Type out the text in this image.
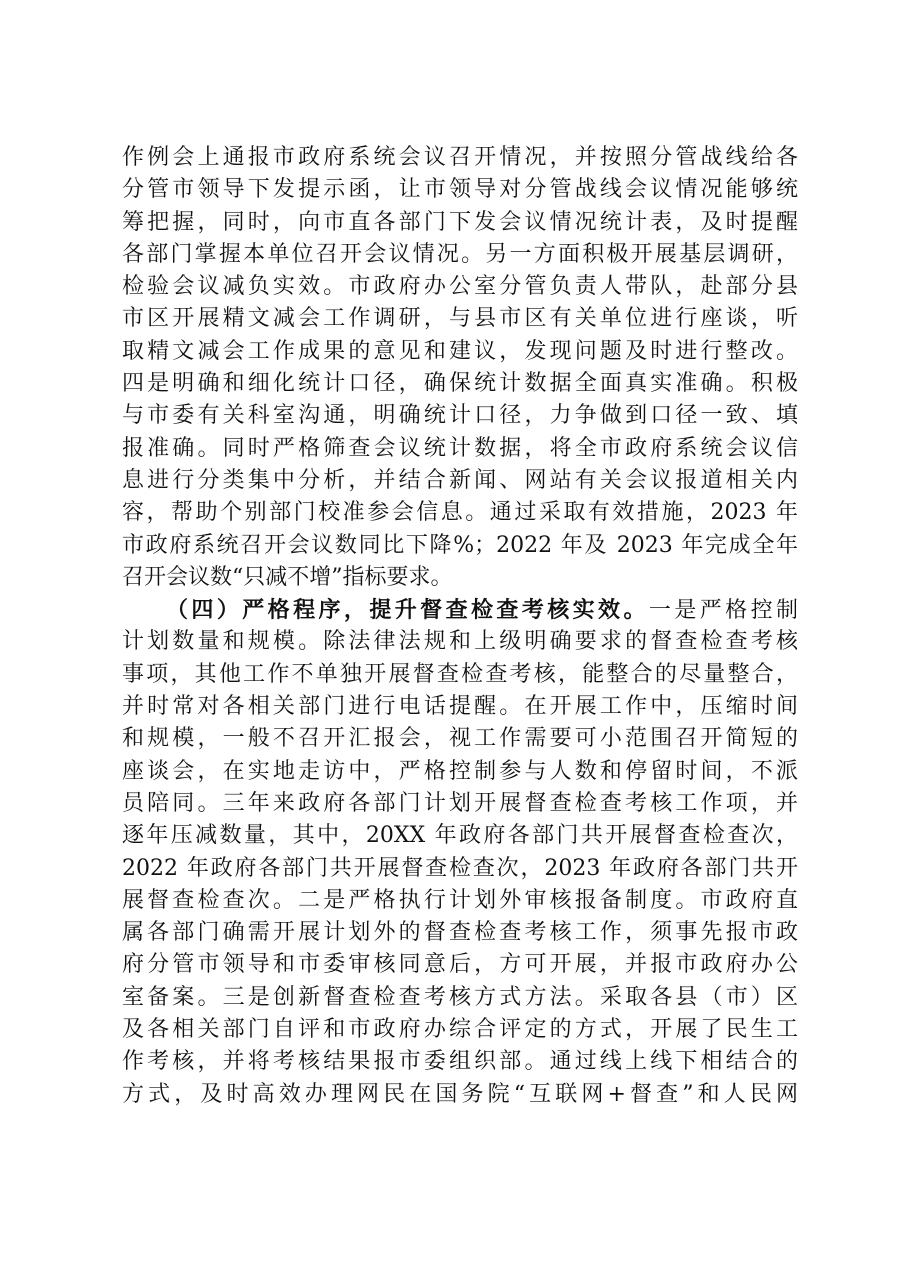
作例会上通报市政府系统会议召开情况，并按照分管战线给各
分管市领导下发提示函，让市领导对分管战线会议情况能够统
筹把握，同时，向市直各部门下发会议情况统计表，及时提醒
各部门掌握本单位召开会议情况。另一方面积极开展基层调研，
检验会议减负实效。市政府办公室分管负责人带队，赴部分县
市区开展精文减会工作调研，与县市区有关单位进行座谈，听
取精文减会工作成果的意见和建议，发现问题及时进行整改。
四是明确和细化统计口径，确保统计数据全面真实准确。积极
与市委有关科室沟通，明确统计口径，力争做到口径一致、填
报准确。同时严格筛查会议统计数据，将全市政府系统会议信
息进行分类集中分析，并结合新闻、网站有关会议报道相关内
容，帮助个别部门校准参会信息。通过采取有效措施，2023 年
市政府系统召开会议数同比下降%；2022 年及 2023 年完成全年
召开会议数“只减不增”指标要求。
（四）严格程序，提升督查检查考核实效。一是严格控制
计划数量和规模。除法律法规和上级明确要求的督查检查考核
事项，其他工作不单独开展督查检查考核，能整合的尽量整合，
并时常对各相关部门进行电话提醒。在开展工作中，压缩时间
和规模，一般不召开汇报会，视工作需要可小范围召开简短的
座谈会，在实地走访中，严格控制参与人数和停留时间，不派
员陪同。三年来政府各部门计划开展督查检查考核工作项，并
逐年压减数量，其中，20XX 年政府各部门共开展督查检查次，
2022 年政府各部门共开展督查检查次，2023 年政府各部门共开
展督查检查次。二是严格执行计划外审核报备制度。市政府直
属各部门确需开展计划外的督查检查考核工作，须事先报市政
府分管市领导和市委审核同意后，方可开展，并报市政府办公
室备案。三是创新督查检查考核方式方法。采取各县（市）区
及各相关部门自评和市政府办综合评定的方式，开展了民生工
作考核，并将考核结果报市委组织部。通过线上线下相结合的
方式，及时高效办理网民在国务院“互联网+督查”和人民网
